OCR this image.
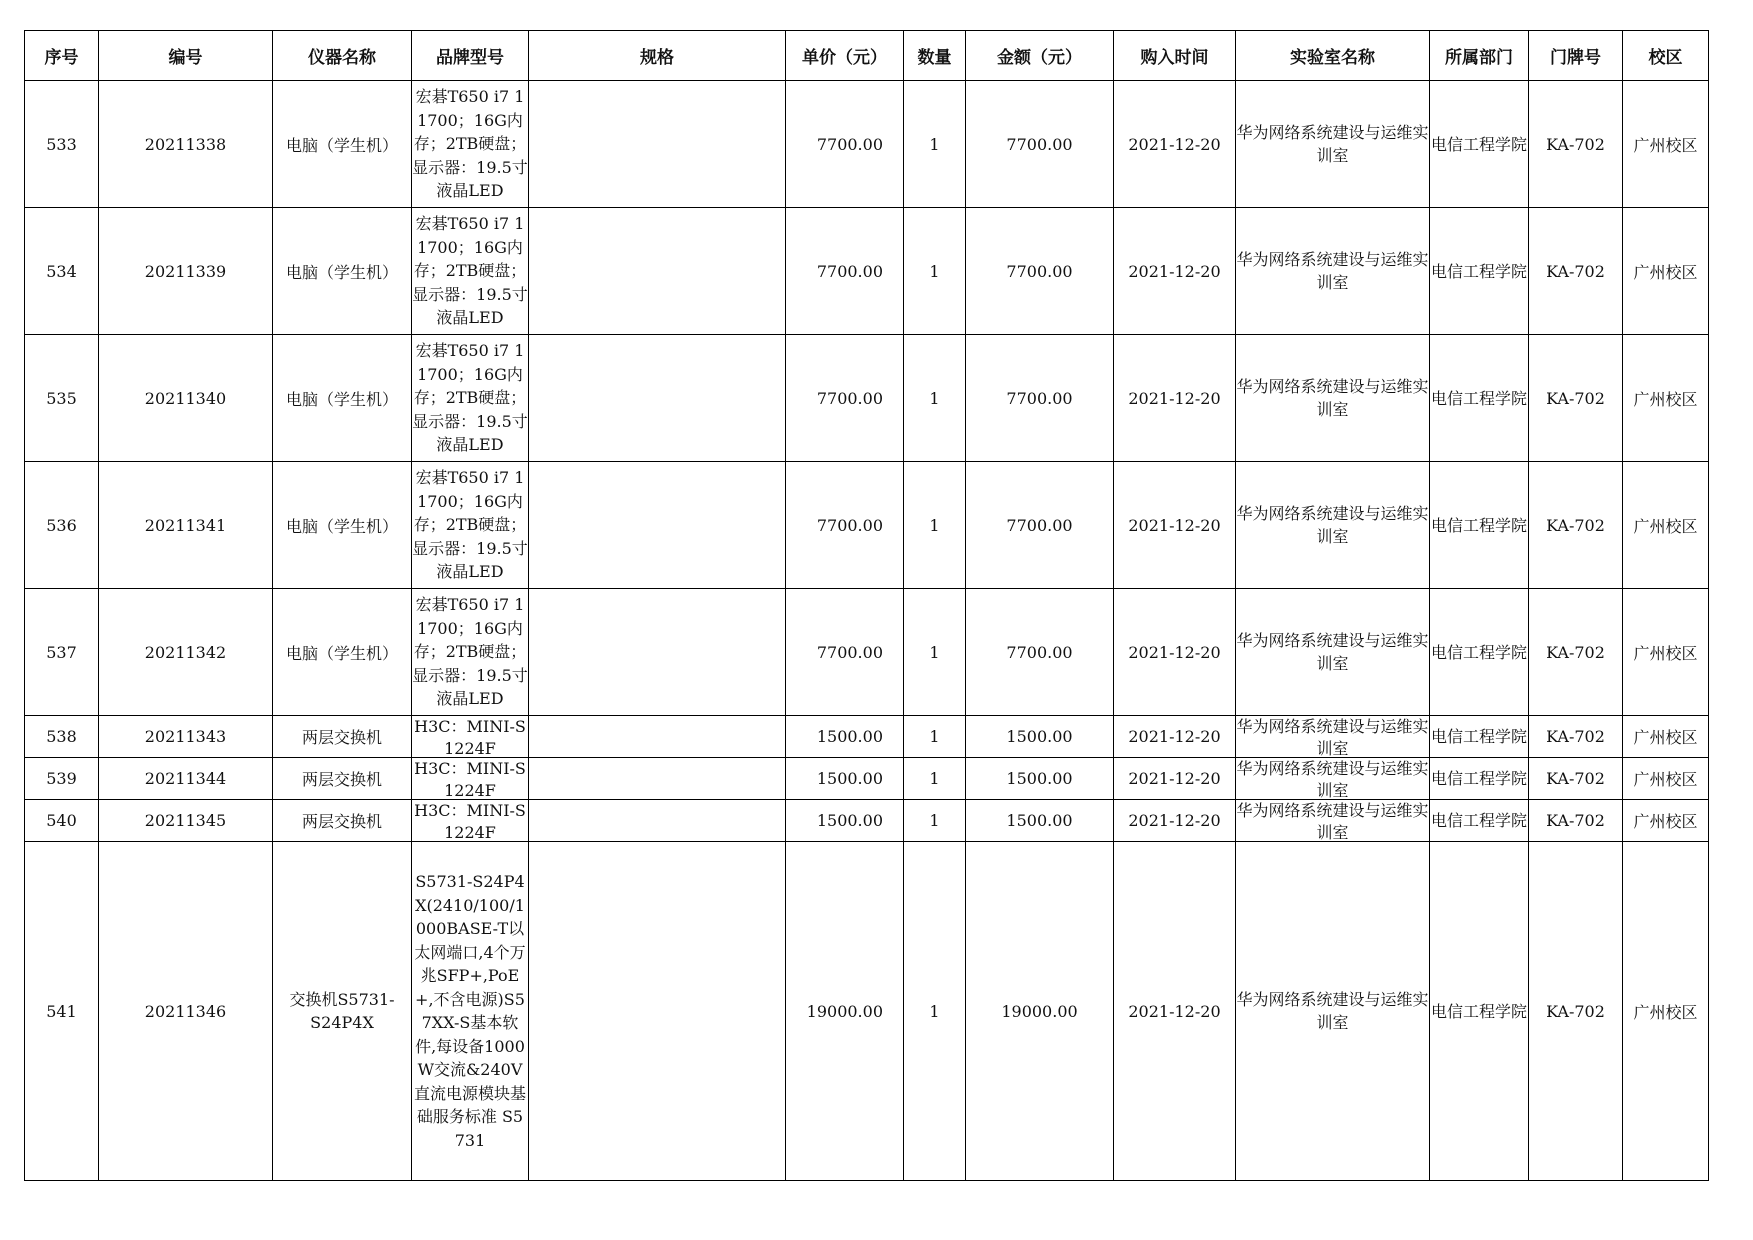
序号	编号	仪器名称	品牌型号	规格	单价（元）	数量	金额（元）	购入时间	实验室名称	所属部门	门牌号	校区
533	20211338	电脑（学生机）	宏碁T650 i7 11700；16G内存；2TB硬盘；显示器：19.5寸液晶LED		7700.00	1	7700.00	2021-12-20	华为网络系统建设与运维实训室	电信工程学院	KA-702	广州校区
534	20211339	电脑（学生机）	宏碁T650 i7 11700；16G内存；2TB硬盘；显示器：19.5寸液晶LED		7700.00	1	7700.00	2021-12-20	华为网络系统建设与运维实训室	电信工程学院	KA-702	广州校区
535	20211340	电脑（学生机）	宏碁T650 i7 11700；16G内存；2TB硬盘；显示器：19.5寸液晶LED		7700.00	1	7700.00	2021-12-20	华为网络系统建设与运维实训室	电信工程学院	KA-702	广州校区
536	20211341	电脑（学生机）	宏碁T650 i7 11700；16G内存；2TB硬盘；显示器：19.5寸液晶LED		7700.00	1	7700.00	2021-12-20	华为网络系统建设与运维实训室	电信工程学院	KA-702	广州校区
537	20211342	电脑（学生机）	宏碁T650 i7 11700；16G内存；2TB硬盘；显示器：19.5寸液晶LED		7700.00	1	7700.00	2021-12-20	华为网络系统建设与运维实训室	电信工程学院	KA-702	广州校区
538	20211343	两层交换机	H3C：MINI-S1224F		1500.00	1	1500.00	2021-12-20	华为网络系统建设与运维实训室	电信工程学院	KA-702	广州校区
539	20211344	两层交换机	H3C：MINI-S1224F		1500.00	1	1500.00	2021-12-20	华为网络系统建设与运维实训室	电信工程学院	KA-702	广州校区
540	20211345	两层交换机	H3C：MINI-S1224F		1500.00	1	1500.00	2021-12-20	华为网络系统建设与运维实训室	电信工程学院	KA-702	广州校区
541	20211346	交换机S5731-S24P4X	S5731-S24P4X(2410/100/1000BASE-T以太网端口,4个万兆SFP+,PoE+,不含电源)S57XX-S基本软件,每设备1000W交流&240V直流电源模块基础服务标准 S5731		19000.00	1	19000.00	2021-12-20	华为网络系统建设与运维实训室	电信工程学院	KA-702	广州校区
